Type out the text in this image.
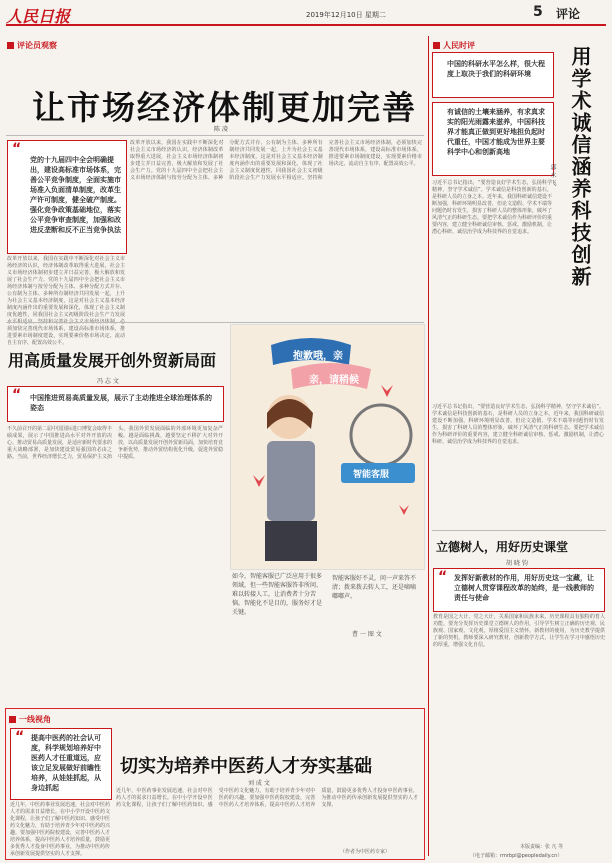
人民日报	2019年12月10日 星期二	5 评论
评论员观察
让市场经济体制更加完善
陈 凌
“
党的十九届四中全会明确提出，建设高标准市场体系，完善公平竞争制度，全面实施市场准入负面清单制度，改革生产许可制度，健全破产制度。强化竞争政策基础地位，落实公平竞争审查制度，加强和改进反垄断和反不正当竞争执法
改革开放以来，我国在实践中不断深化对社会主义市场经济的认识，经济体制改革取得重大进展，社会主义市场经济体制初步建立并日益完善，极大解放和发展了社会生产力。党的十九届四中全会把社会主义市场经济体制与按劳分配为主体、多种分配方式并存、公有制为主体、多种所有制经济共同发展一起，上升为社会主义基本经济制度，这是对社会主义基本经济制度内涵作出的重要发展和深化，体现了社会主义制度优越性，同我国社会主义初级阶段社会生产力发展 须加快完善现代市场体系，建设高标准市场体系，推进要素市场制度建设，实现要素价格市场决定、流动自主有序、配置高效公平。
改革开放以来，我国在实践中不断深化对社会主义市场经济的认识，经济体制改革取得重大进展，社会主义市场经济体制初步建立并日益完善，极大解放和发展了社会生产力。党的十九届四中全会把社会主义市场经济体制与按劳分配为主体、多种分配方式并存、公有制为主体、多种所有制经济共同发展一起，上升为社会主义基本经济制度，这是对社会主义基本经济制度内涵作出的重要发展和深化，体现了社会主义制度优越性，同我国社会主义初级阶段社会生产力发展水平相适应。坚持和完善社会主义市场经济体制，必须加快完善现代市场体系，建设高标准市场体系，推进要素市场制度建设，实现要素价格市场决定、流动自主有序、配置高效公平。
用高质量发展开创外贸新局面
冯 志 文
“	中国推进贸易高质量发展，展示了主动推进全球治理体系的姿态
不久前召开的第二届中国国际进口博览会取得丰硕成果，展示了中国推进高水平对外开放的决心。推动贸易高质量发展，是适应新时代要求的重大战略部署，是加快建设贸易强国的必由之路。当前，世界经济增长乏力，贸易保护主义抬头，我国外贸发展面临的外部环境更加复杂严峻。越是面临挑战，越要坚定不移扩大对外开放，以高质量发展开创外贸新局面，加快培育竞争新优势，推动外贸结构优化升级，促进外贸稳中提质。
抱歉哦，亲
亲，请稍候
智能客服
如今，智能客服已广泛应用于很多领域，但一些智能客服答非所问、难以转接人工，让消费者十分苦恼。智能化不是目的，服务好才是关键。
智能客服好不灵，问一声来答不清；拨来拨去转人工，还是嘀嘀嘟嘟声。
曹 一 图 文
人民时评
中国的科研水平怎么样，很大程度上取决于我们的科研环境
有诚信的土壤来涵养，有求真求实的阳光雨露来滋养，中国科技界才能真正做到更好地担负起时代重任，中国才能成为世界主要科学中心和创新高地	用学术诚信涵养科技创新
郭 永 飞
习近平总书记指出，“要营造良好学术生态，弘扬科学精神，坚守学术诚信”。学术诚信是科技创新的基石，是科研人员的立身之本。近年来，我国科研诚信建设不断加强，科研环境明显改善，但论文造假、学术不端等问题仍时有发生，损害了科研人员的整体形象，破坏了风清气正的科研生态。要把学术诚信作为科研评价的重要内容，建立健全科研诚信审核、惩戒、激励机制，让潜心科研、诚信治学成为科技界的自觉追求。
习近平总书记指出，“要营造良好学术生态，弘扬科学精神，坚守学术诚信”。学术诚信是科技创新的基石，是科研人员的立身之本。近年来，我国科研诚信建设不断加强，科研环境明显改善，但论文造假、学术不端等问题仍时有发生，损害了科研人员的整体形象，破坏了风清气正的科研生态。要把学术诚信作为科研评价的重要内容，建立健全科研诚信审核、惩戒、激励机制，让潜心科研、诚信治学成为科技界的自觉追求。
立德树人，用好历史课堂
胡 晓 钧
“ 发挥好新教材的作用，用好历史这一宝藏，让立德树人贯穿课程改革的始终，是一线教师的责任与使命
教育是国之大计、党之大计，关系国家和民族未来。历史课程具有独特的育人功能，要充分发挥历史课堂立德树人的作用，引导学生树立正确的历史观、民族观、国家观、文化观，厚植爱国主义情怀。新教材的使用，为历史教学提供了新的契机，教师要深入研究教材，创新教学方式，让学生在学习中感悟历史的厚重，增强文化自信。
本版责编：张 凡 等
（电子邮箱：rmrbpl@peopledaily.cn）
一线视角
切实为培养中医药人才夯实基础
刘 成 文
“ 提高中医药的社会认可度，科学规划培养好中医药人才任重道远，应该立足发展做好前瞻性培养，从娃娃抓起，从身边抓起
近几年，中医药事业发展迅速，社会对中医药人才的需求日益增长。在中小学开设中医药文化课程，让孩子们了解中医药知识、感受中医药文化魅力，有助于培养青少年对中医药的兴趣。要加强中医药院校建设，完善中医药人才培养体系，提高中医药人才培养质量，鼓励更多优秀人才投身中医药事业，为推动中医药传承创新发展提供坚实的人才支撑。
近几年，中医药事业发展迅速，社会对中医药人才的需求日益增长。在中小学开设中医药文化课程，让孩子们了解中医药知识、感受中医药文化魅力，有助于培养青少年对中医药的兴趣。要加强中医药院校建设，完善中医药人才培养体系，提高中医药人才培养质量，鼓励更多优秀人才投身中医药事业，为推动中医药传承创新发展提供坚实的人才支撑。
（作者为中医药专家）
